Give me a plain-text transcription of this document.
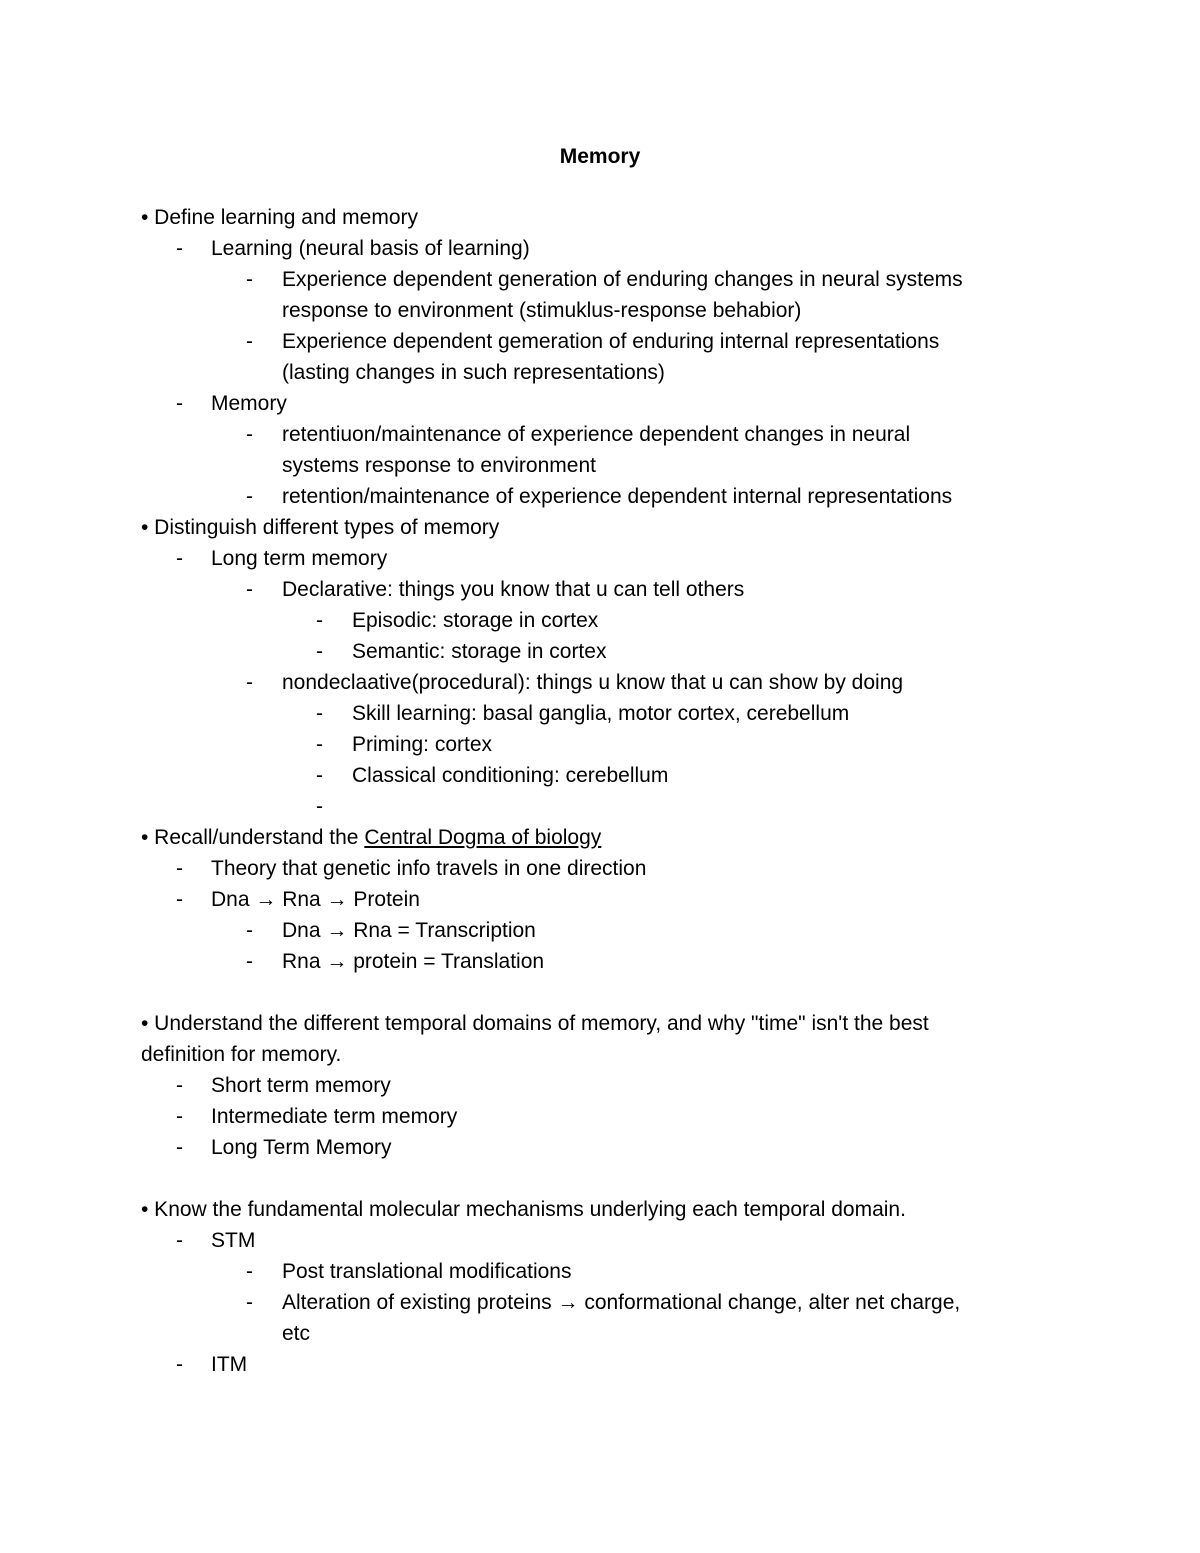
Memory
• Define learning and memory
- Learning (neural basis of learning)
- Experience dependent generation of enduring changes in neural systems
response to environment (stimuklus-response behabior)
- Experience dependent gemeration of enduring internal representations
(lasting changes in such representations)
- Memory
- retentiuon/maintenance of experience dependent changes in neural
systems response to environment
- retention/maintenance of experience dependent internal representations
• Distinguish different types of memory
- Long term memory
- Declarative: things you know that u can tell others
- Episodic: storage in cortex
- Semantic: storage in cortex
- nondeclaative(procedural): things u know that u can show by doing
- Skill learning: basal ganglia, motor cortex, cerebellum
- Priming: cortex
- Classical conditioning: cerebellum
-
• Recall/understand the Central Dogma of biology
- Theory that genetic info travels in one direction
- Dna → Rna → Protein
- Dna → Rna = Transcription
- Rna → protein = Translation
• Understand the different temporal domains of memory, and why "time" isn't the best
definition for memory.
- Short term memory
- Intermediate term memory
- Long Term Memory
• Know the fundamental molecular mechanisms underlying each temporal domain.
- STM
- Post translational modifications
- Alteration of existing proteins → conformational change, alter net charge,
etc
- ITM
